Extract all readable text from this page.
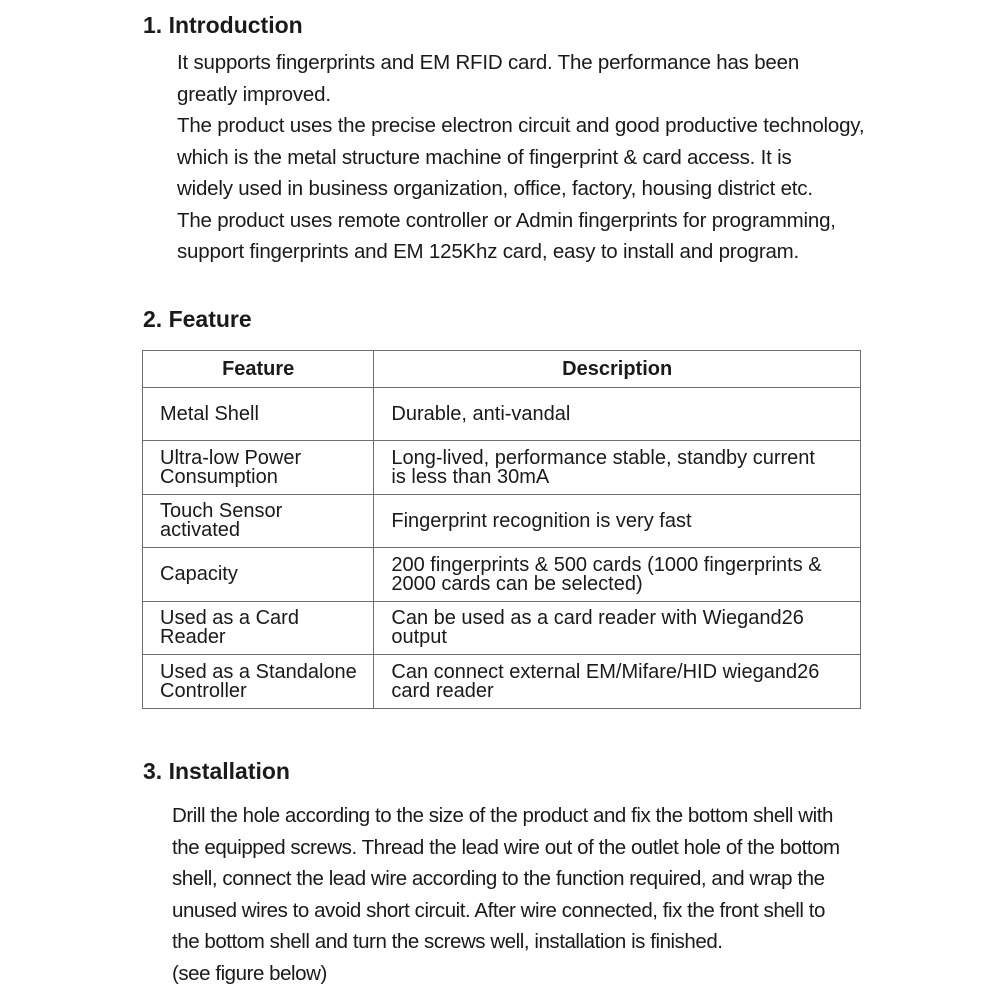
1. Introduction
It supports fingerprints and EM RFID card. The performance has been
greatly improved.
The product uses the precise electron circuit and good productive technology,
which is the metal structure machine of fingerprint & card access. It is
widely used in business organization, office, factory, housing district etc.
The product uses remote controller or Admin fingerprints for programming,
support fingerprints and EM 125Khz card, easy to install and program.
2. Feature
Feature	Description
Metal Shell	Durable, anti-vandal
Ultra-low Power
Consumption	Long-lived, performance stable, standby current
is less than 30mA
Touch Sensor
activated	Fingerprint recognition is very fast
Capacity	200 fingerprints & 500 cards (1000 fingerprints &
2000 cards can be selected)
Used as a Card
Reader	Can be used as a card reader with Wiegand26
output
Used as a Standalone
Controller	Can connect external EM/Mifare/HID wiegand26
card reader
3. Installation
Drill the hole according to the size of the product and fix the bottom shell with
the equipped screws. Thread the lead wire out of the outlet hole of the bottom
shell, connect the lead wire according to the function required, and wrap the
unused wires to avoid short circuit. After wire connected, fix the front shell to
the bottom shell and turn the screws well, installation is finished.
(see figure below)
